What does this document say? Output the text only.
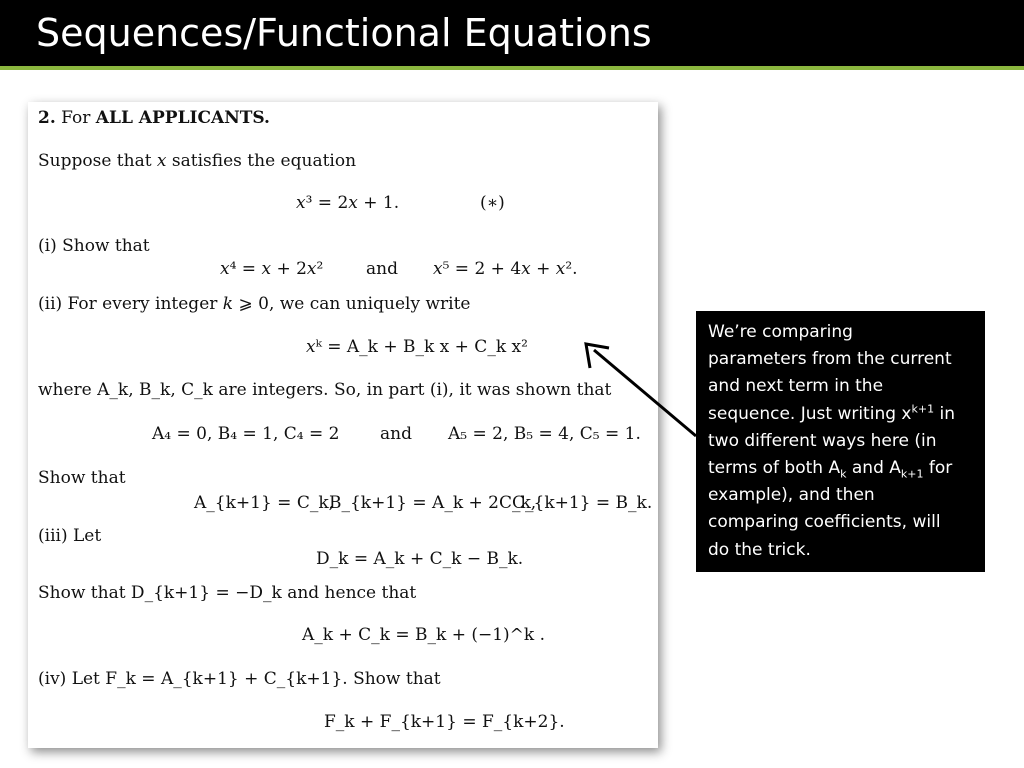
Sequences/Functional Equations
2. For ALL APPLICANTS.
Suppose that 𝑥 satisfies the equation
𝑥³ = 2𝑥 + 1.	(∗)
(i) Show that
𝑥⁴ = 𝑥 + 2𝑥²	and 𝑥⁵ = 2 + 4𝑥 + 𝑥².
(ii) For every integer 𝑘 ⩾ 0, we can uniquely write
𝑥ᵏ = A_k + B_k x + C_k x²
where A_k, B_k, C_k are integers. So, in part (i), it was shown that
A₄ = 0, B₄ = 1, C₄ = 2 and A₅ = 2, B₅ = 4, C₅ = 1.
Show that
A_{k+1} = C_k,
B_{k+1} = A_k + 2C_k,
C_{k+1} = B_k.
(iii) Let
D_k = A_k + C_k − B_k.
Show that D_{k+1} = −D_k and hence that
A_k + C_k = B_k + (−1)^k .
(iv) Let F_k = A_{k+1} + C_{k+1}. Show that
F_k + F_{k+1} = F_{k+2}.
We’re comparing
parameters from the current
and next term in the
sequence. Just writing $x^{k+1}$ in
two different ways here (in
terms of both $A_k$ and $A_{k+1}$ for
example), and then
comparing coefficients, will
do the trick.
